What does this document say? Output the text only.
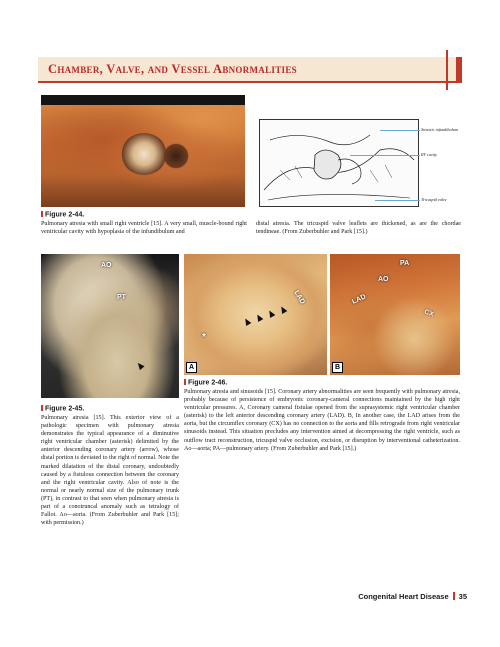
Chamber, Valve, and Vessel Abnormalities
Stenotic infundibulum
RV cavity
Tricuspid valve
Figure 2-44.
Pulmonary atresia with small right ventricle [15]. A very small, muscle-bound right ventricular cavity with hypoplasia of the infundibulum and
distal atresia. The tricuspid valve leaflets are thickened, as are the chordae tendineae. (From Zuberbuhler and Park [15].)
AO
PT	LAD
*
A
PA
AO
LAD
CX
B
Figure 2-45.
Pulmonary atresia [15]. This exterior view of a pathologic specimen with pulmonary atresia demonstrates the typical appearance of a diminutive right ventricular chamber (asterisk) delimited by the anterior descending coronary artery (arrow), whose distal portion is deviated to the right of normal. Note the marked dilatation of the distal coronary, undoubtedly caused by a fistulous connection between the coronary and the right ventricular cavity. Also of note is the normal or nearly normal size of the pulmonary trunk (PT), in contrast to that seen when pulmonary atresia is part of a conotruncal anomaly such as tetralogy of Fallot. Ao—aorta. (From Zuberbuhler and Park [15]; with permission.)
Figure 2-46.
Pulmonary atresia and sinusoids [15]. Coronary artery abnormalities are seen frequently with pulmonary atresia, probably because of persistence of embryonic coronary-cameral connections maintained by the high right ventricular pressures. A, Coronary cameral fistulae opened from the suprasystemic right ventricular chamber (asterisk) to the left anterior descending coronary artery (LAD). B, In another case, the LAD arises from the aorta, but the circumflex coronary (CX) has no connection to the aorta and fills retrograde from right ventricular sinusoids instead. This situation precludes any intervention aimed at decompressing the right ventricle, such as outflow tract reconstruction, tricuspid valve occlusion, excision, or disruption by interventional catheterization. Ao—aorta; PA—pulmonary artery. (From Zuberbuhler and Park [15].)
Congenital Heart Disease 35
